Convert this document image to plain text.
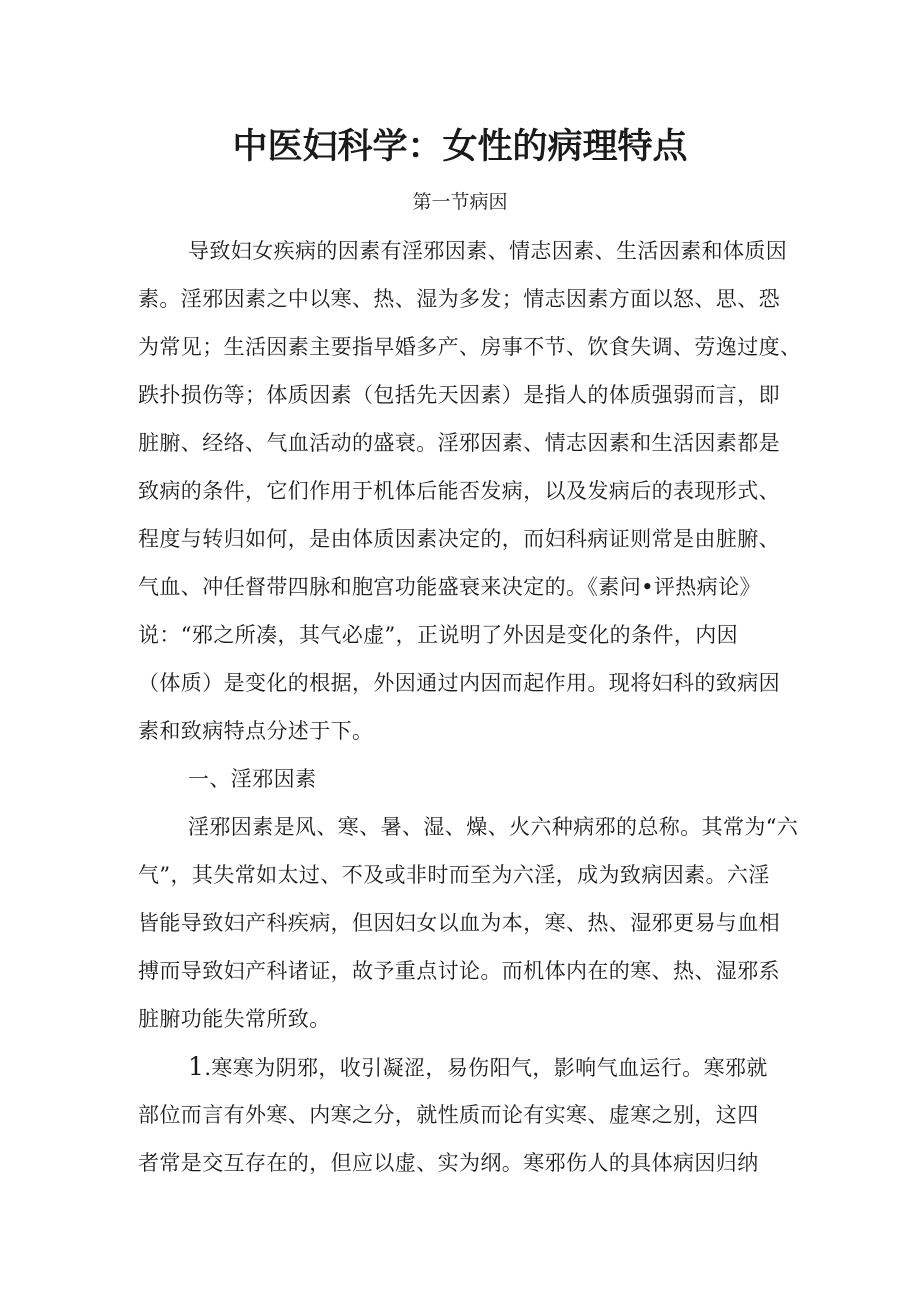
中医妇科学：女性的病理特点
第一节病因
导致妇女疾病的因素有淫邪因素、情志因素、生活因素和体质因
素。淫邪因素之中以寒、热、湿为多发；情志因素方面以怒、思、恐
为常见；生活因素主要指早婚多产、房事不节、饮食失调、劳逸过度、
跌扑损伤等；体质因素（包括先天因素）是指人的体质强弱而言，即
脏腑、经络、气血活动的盛衰。淫邪因素、情志因素和生活因素都是
致病的条件，它们作用于机体后能否发病，以及发病后的表现形式、
程度与转归如何，是由体质因素决定的，而妇科病证则常是由脏腑、
气血、冲任督带四脉和胞宫功能盛衰来决定的。《素问•评热病论》
说：“邪之所凑，其气必虚”，正说明了外因是变化的条件，内因
（体质）是变化的根据，外因通过内因而起作用。现将妇科的致病因
素和致病特点分述于下。
一、淫邪因素
淫邪因素是风、寒、暑、湿、燥、火六种病邪的总称。其常为“六
气”，其失常如太过、不及或非时而至为六淫，成为致病因素。六淫
皆能导致妇产科疾病，但因妇女以血为本，寒、热、湿邪更易与血相
搏而导致妇产科诸证，故予重点讨论。而机体内在的寒、热、湿邪系
脏腑功能失常所致。
1.寒寒为阴邪，收引凝涩，易伤阳气，影响气血运行。寒邪就
部位而言有外寒、内寒之分，就性质而论有实寒、虚寒之别，这四
者常是交互存在的，但应以虚、实为纲。寒邪伤人的具体病因归纳
